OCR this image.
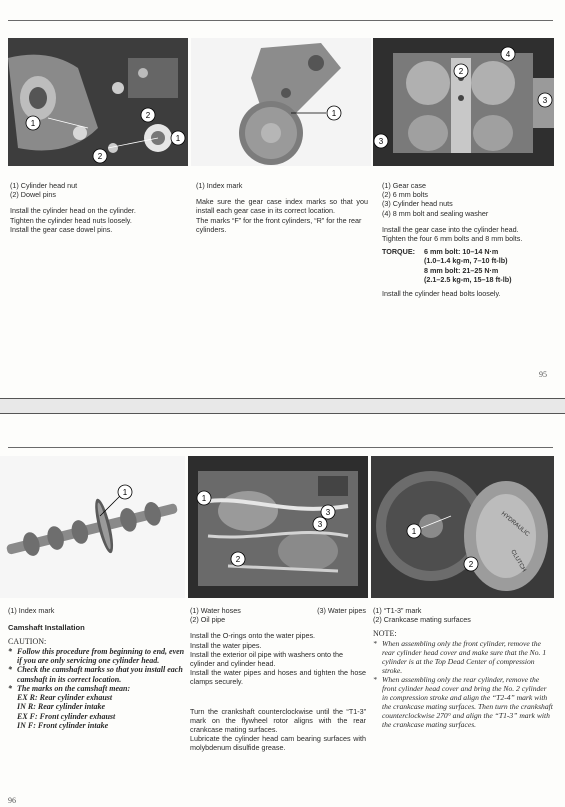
1
2
2
1
1
2
4
3
3

(1) Cylinder head nut

(2) Dowel pins

Install the cylinder head on the cylinder.

Tighten the cylinder head nuts loosely.

Install the gear case dowel pins.

(1) Index mark

Make sure the gear case index marks so that you install each gear case in its correct location.

The marks “F” for the front cylinders, “R” for the rear cylinders.

(1) Gear case

(2) 6 mm bolts

(3) Cylinder head nuts

(4) 8 mm bolt and sealing washer

Install the gear case into the cylinder head.

Tighten the four 6 mm bolts and 8 mm bolts.

TORQUE:	6 mm bolt: 10–14 N·m

(1.0–1.4 kg-m, 7–10 ft-lb)

8 mm bolt: 21–25 N·m

(2.1–2.5 kg-m, 15–18 ft-lb)

Install the cylinder head bolts loosely.

95
1
1
2
3
3	HYDRAULIC
CLUTCH
1
2

(1) Index mark

Camshaft Installation

CAUTION:

* Follow this procedure from beginning to end, even if you are only servicing one cylinder head.
* Check the camshaft marks so that you install each camshaft in its correct location.
* The marks on the camshaft mean:

EX R: Rear cylinder exhaust

IN R: Rear cylinder intake

EX F: Front cylinder exhaust

IN F: Front cylinder intake

(1) Water hoses	(3) Water pipes

(2) Oil pipe

Install the O-rings onto the water pipes.

Install the water pipes.

Install the exterior oil pipe with washers onto the cylinder and cylinder head.

Install the water pipes and hoses and tighten the hose clamps securely.

Turn the crankshaft counterclockwise until the “T1-3” mark on the flywheel rotor aligns with the rear crankcase mating surfaces.

Lubricate the cylinder head cam bearing surfaces with molybdenum disulfide grease.

(1) “T1-3” mark

(2) Crankcase mating surfaces

NOTE:

* When assembling only the front cylinder, remove the rear cylinder head cover and make sure that the No. 1 cylinder is at the Top Dead Center of compression stroke.
* When assembling only the rear cylinder, remove the front cylinder head cover and bring the No. 2 cylinder in compression stroke and align the “T2-4” mark with the crankcase mating surfaces. Then turn the crankshaft counterclockwise 270° and align the “T1-3” mark with the crankcase mating surfaces.
96
